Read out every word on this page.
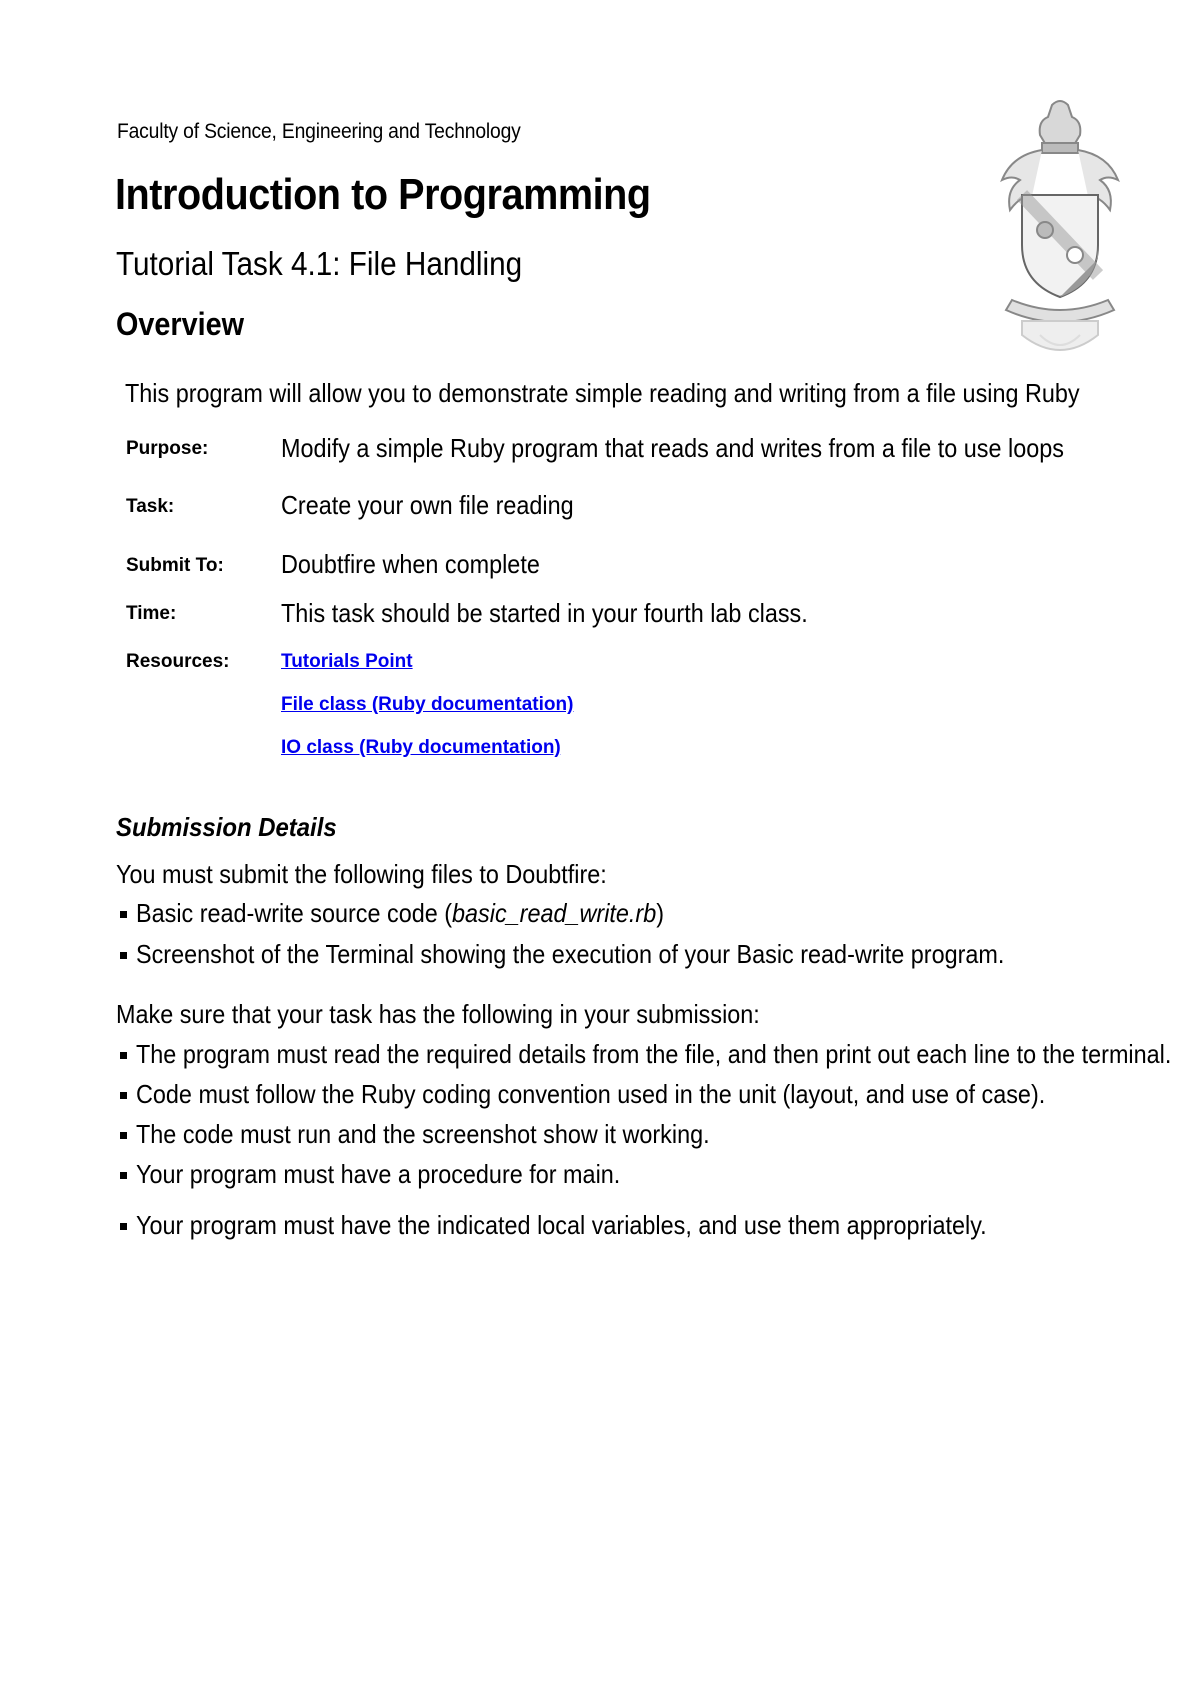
Faculty of Science, Engineering and Technology
Introduction to Programming
Tutorial Task 4.1: File Handling
Overview
This program will allow you to demonstrate simple reading and writing from a file using Ruby
Purpose:	Modify a simple Ruby program that reads and writes from a file to use loops
Task:	Create your own file reading
Submit To: Doubtfire when complete
Time:	This task should be started in your fourth lab class.
Resources:	Tutorials Point
File class (Ruby documentation)
IO class (Ruby documentation)
Submission Details
You must submit the following files to Doubtfire:
Basic read-write source code (basic_read_write.rb)
Screenshot of the Terminal showing the execution of your Basic read-write program.
Make sure that your task has the following in your submission:
The program must read the required details from the file, and then print out each line to the terminal.
Code must follow the Ruby coding convention used in the unit (layout, and use of case).
The code must run and the screenshot show it working.
Your program must have a procedure for main.
Your program must have the indicated local variables, and use them appropriately.
